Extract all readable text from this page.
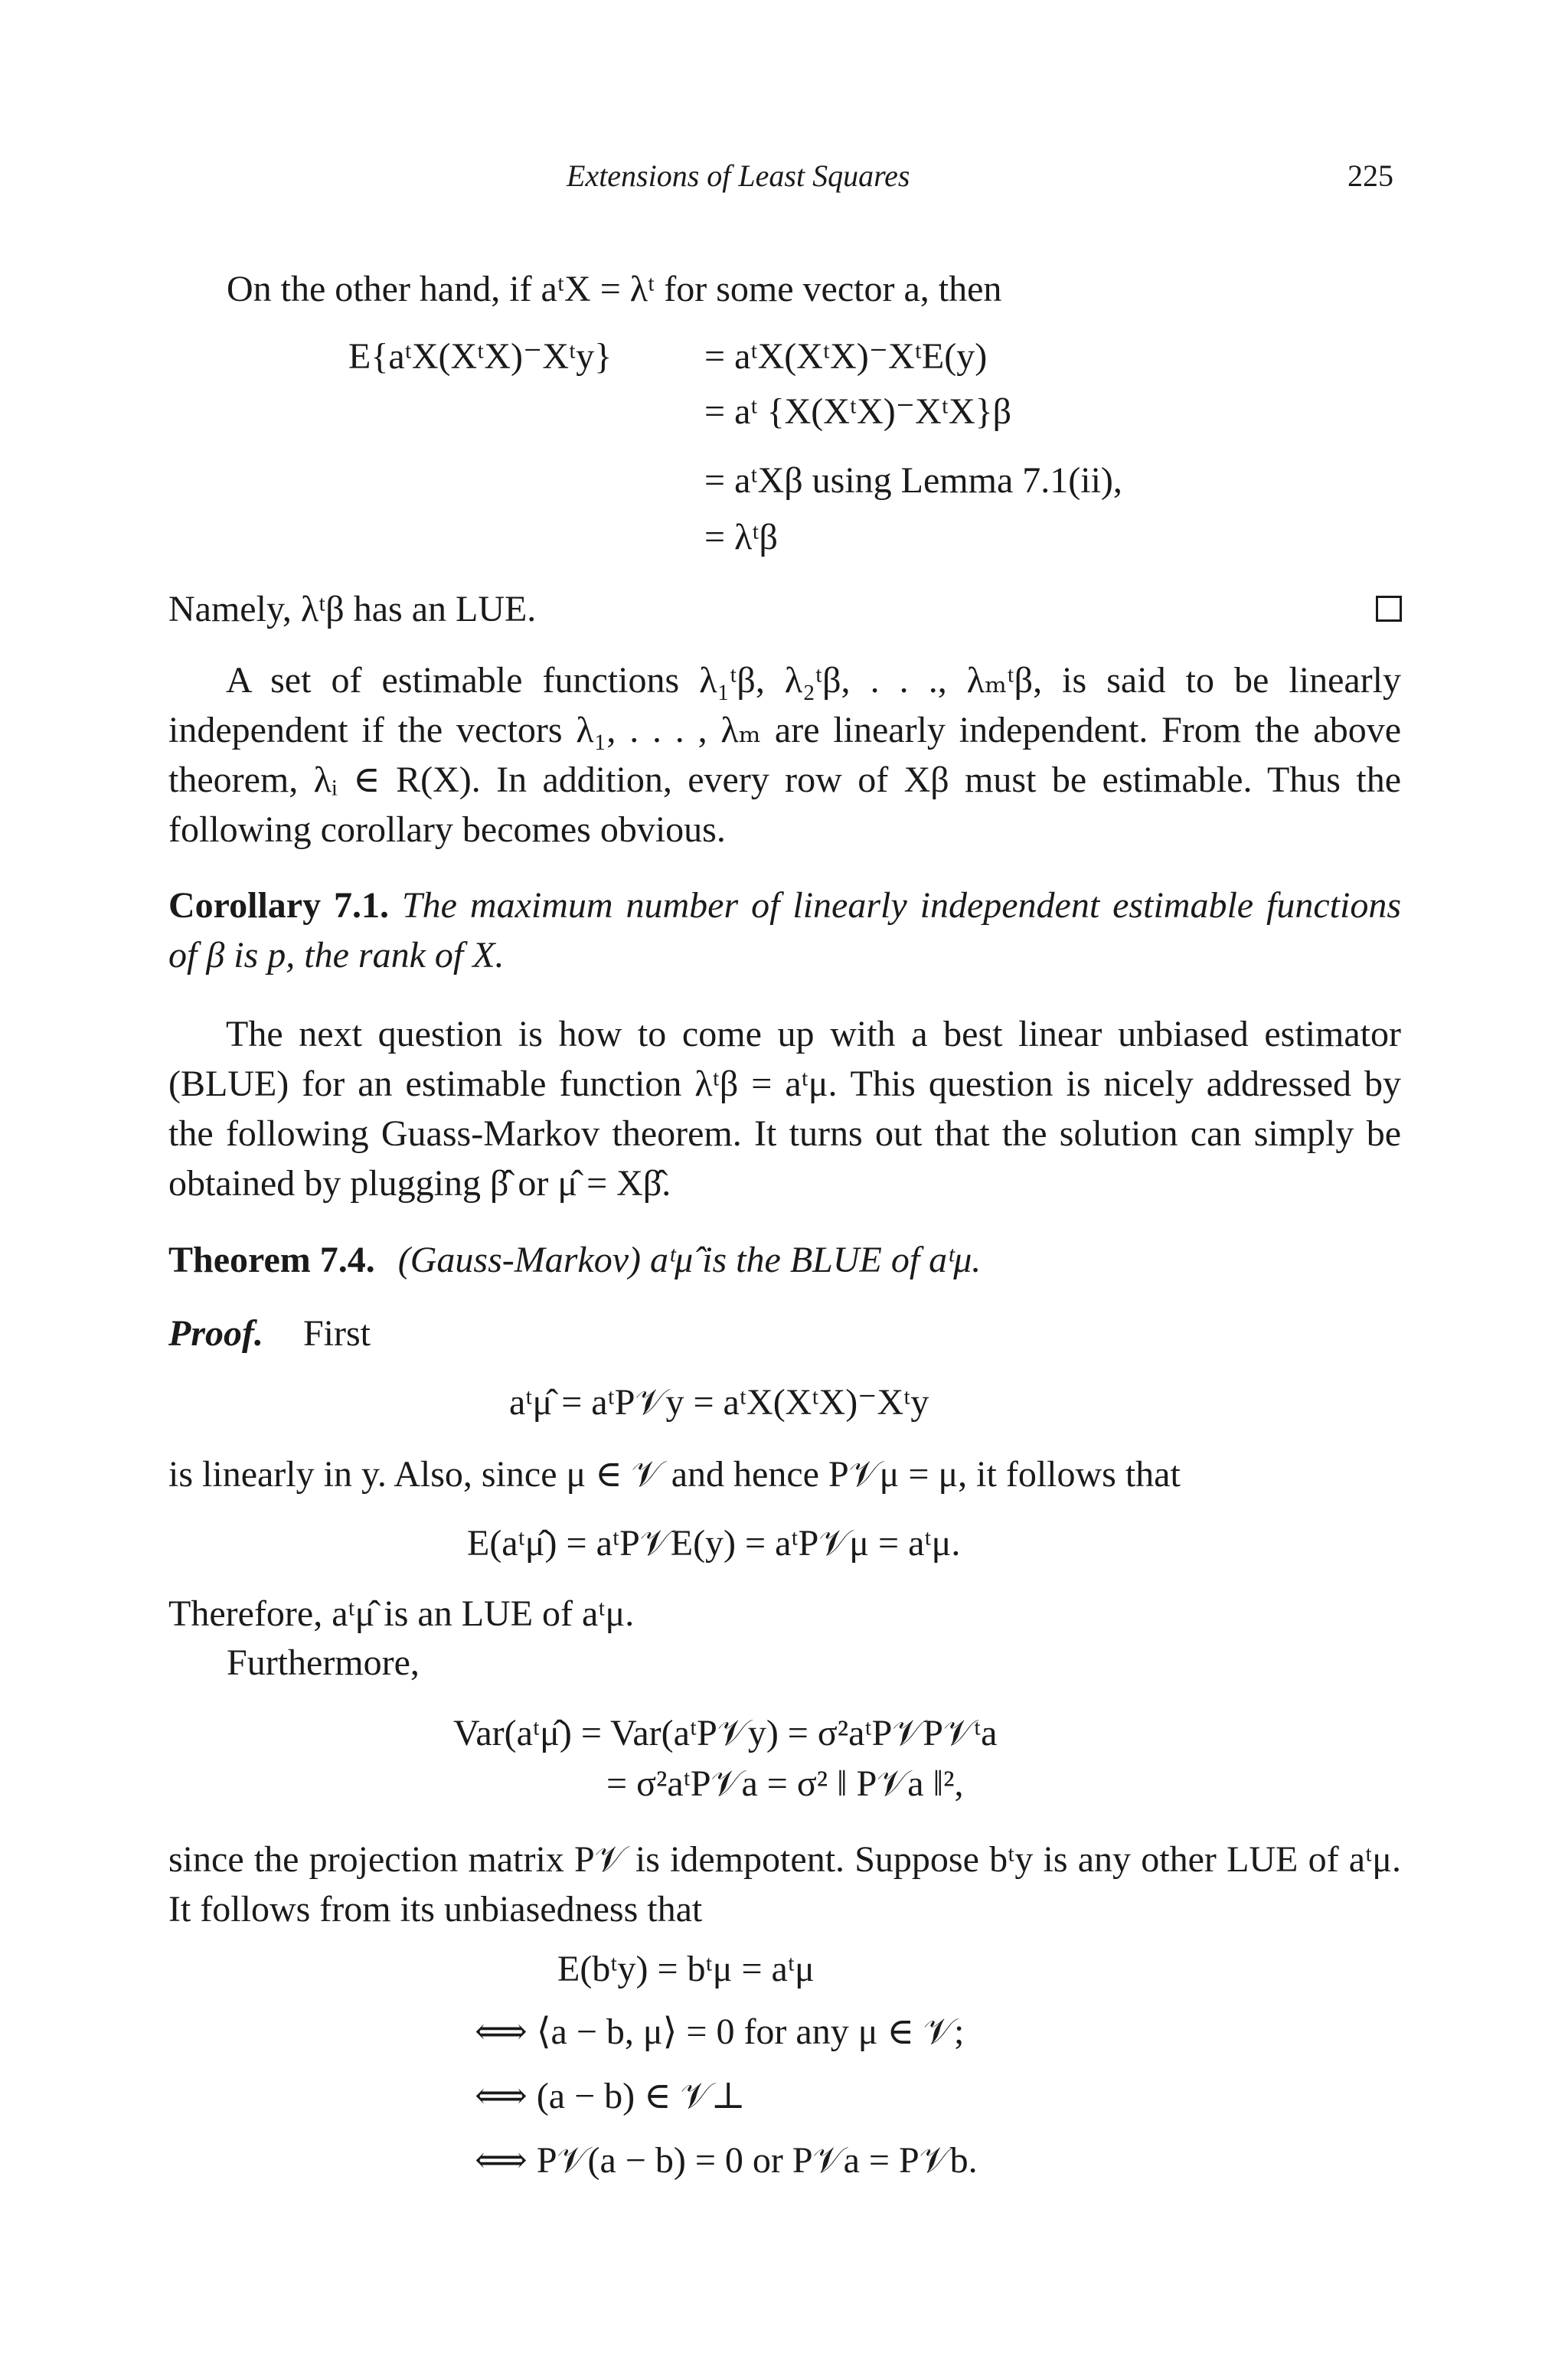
Extensions of Least Squares	225
On the other hand, if aᵗX = λᵗ for some vector a, then
E{aᵗX(XᵗX)⁻Xᵗy}	= aᵗX(XᵗX)⁻XᵗE(y)
= aᵗ {X(XᵗX)⁻XᵗX}β
= aᵗXβ using Lemma 7.1(ii),
= λᵗβ
Namely, λᵗβ has an LUE.
A set of estimable functions λ₁ᵗβ, λ₂ᵗβ, . . ., λₘᵗβ, is said to be linearly independent if the vectors λ₁, . . . , λₘ are linearly independent. From the above theorem, λᵢ ∈ R(X). In addition, every row of Xβ must be estimable. Thus the following corollary becomes obvious.
Corollary 7.1. The maximum number of linearly independent estimable functions of β is p, the rank of X.
The next question is how to come up with a best linear unbiased estimator (BLUE) for an estimable function λᵗβ = aᵗμ. This question is nicely addressed by the following Guass-Markov theorem. It turns out that the solution can simply be obtained by plugging β̂ or μ̂ = Xβ̂.
Theorem 7.4. (Gauss-Markov) aᵗμ̂ is the BLUE of aᵗμ.
Proof. First
aᵗμ̂ = aᵗP𝒱y = aᵗX(XᵗX)⁻Xᵗy
is linearly in y. Also, since μ ∈ 𝒱 and hence P𝒱μ = μ, it follows that
E(aᵗμ̂) = aᵗP𝒱E(y) = aᵗP𝒱μ = aᵗμ.
Therefore, aᵗμ̂ is an LUE of aᵗμ.
Furthermore,
Var(aᵗμ̂) = Var(aᵗP𝒱y) = σ²aᵗP𝒱P𝒱ᵗa
= σ²aᵗP𝒱a = σ² ‖ P𝒱a ‖²,
since the projection matrix P𝒱 is idempotent. Suppose bᵗy is any other LUE of aᵗμ. It follows from its unbiasedness that
E(bᵗy) = bᵗμ = aᵗμ
⟺ ⟨a − b, μ⟩ = 0 for any μ ∈ 𝒱;
⟺ (a − b) ∈ 𝒱⊥
⟺ P𝒱(a − b) = 0 or P𝒱a = P𝒱b.
